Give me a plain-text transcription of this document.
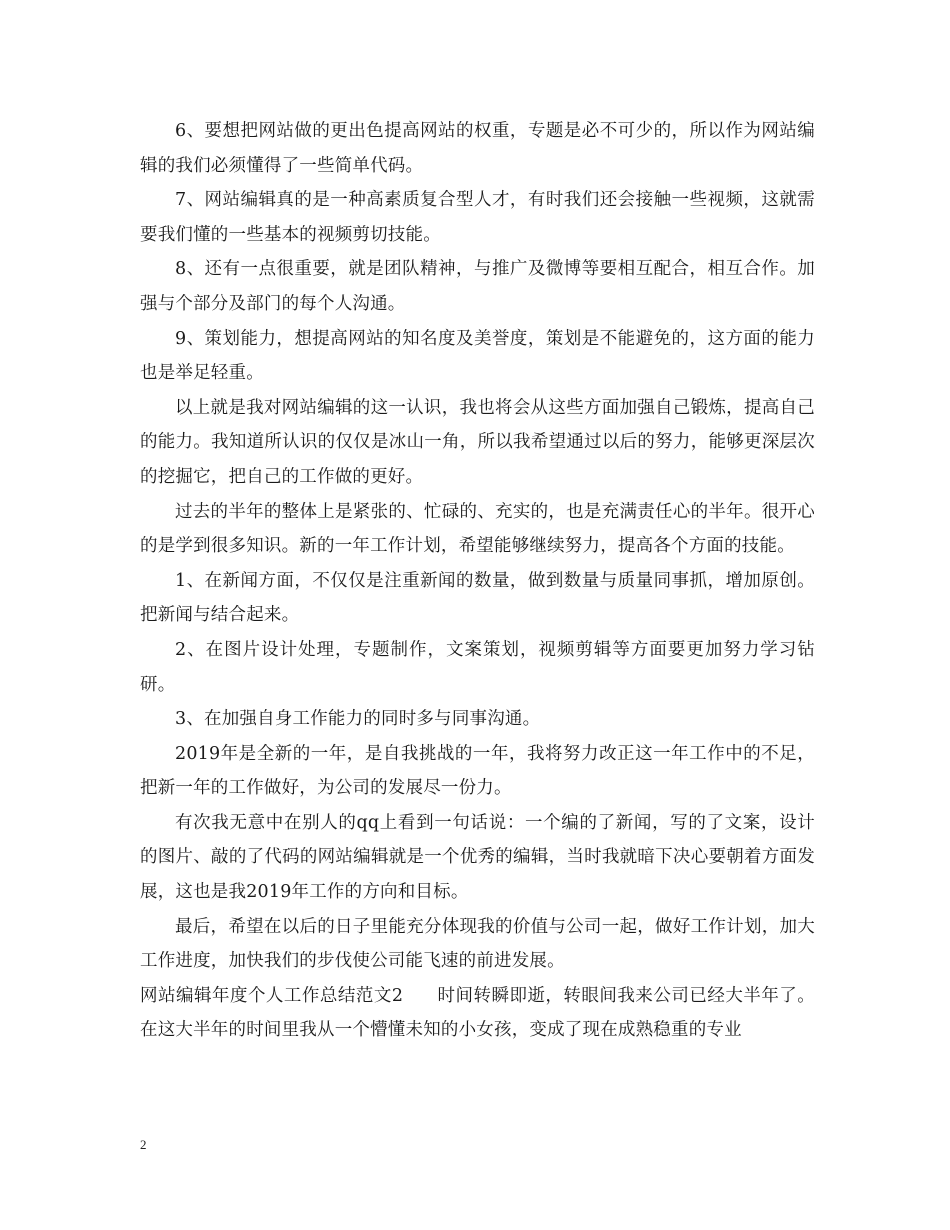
6、要想把网站做的更出色提高网站的权重，专题是必不可少的，所以作为网站编辑的我们必须懂得了一些简单代码。

7、网站编辑真的是一种高素质复合型人才，有时我们还会接触一些视频，这就需要我们懂的一些基本的视频剪切技能。

8、还有一点很重要，就是团队精神，与推广及微博等要相互配合，相互合作。加强与个部分及部门的每个人沟通。

9、策划能力，想提高网站的知名度及美誉度，策划是不能避免的，这方面的能力也是举足轻重。

以上就是我对网站编辑的这一认识，我也将会从这些方面加强自己锻炼，提高自己的能力。我知道所认识的仅仅是冰山一角，所以我希望通过以后的努力，能够更深层次的挖掘它，把自己的工作做的更好。

过去的半年的整体上是紧张的、忙碌的、充实的，也是充满责任心的半年。很开心的是学到很多知识。新的一年工作计划，希望能够继续努力，提高各个方面的技能。

1、在新闻方面，不仅仅是注重新闻的数量，做到数量与质量同事抓，增加原创。把新闻与结合起来。

2、在图片设计处理，专题制作，文案策划，视频剪辑等方面要更加努力学习钻研。

3、在加强自身工作能力的同时多与同事沟通。

2019年是全新的一年，是自我挑战的一年，我将努力改正这一年工作中的不足，把新一年的工作做好，为公司的发展尽一份力。

有次我无意中在别人的qq上看到一句话说：一个编的了新闻，写的了文案，设计的图片、敲的了代码的网站编辑就是一个优秀的编辑，当时我就暗下决心要朝着方面发展，这也是我2019年工作的方向和目标。

最后，希望在以后的日子里能充分体现我的价值与公司一起，做好工作计划，加大工作进度，加快我们的步伐使公司能飞速的前进发展。

网站编辑年度个人工作总结范文2 时间转瞬即逝，转眼间我来公司已经大半年了。在这大半年的时间里我从一个懵懂未知的小女孩，变成了现在成熟稳重的专业

2
